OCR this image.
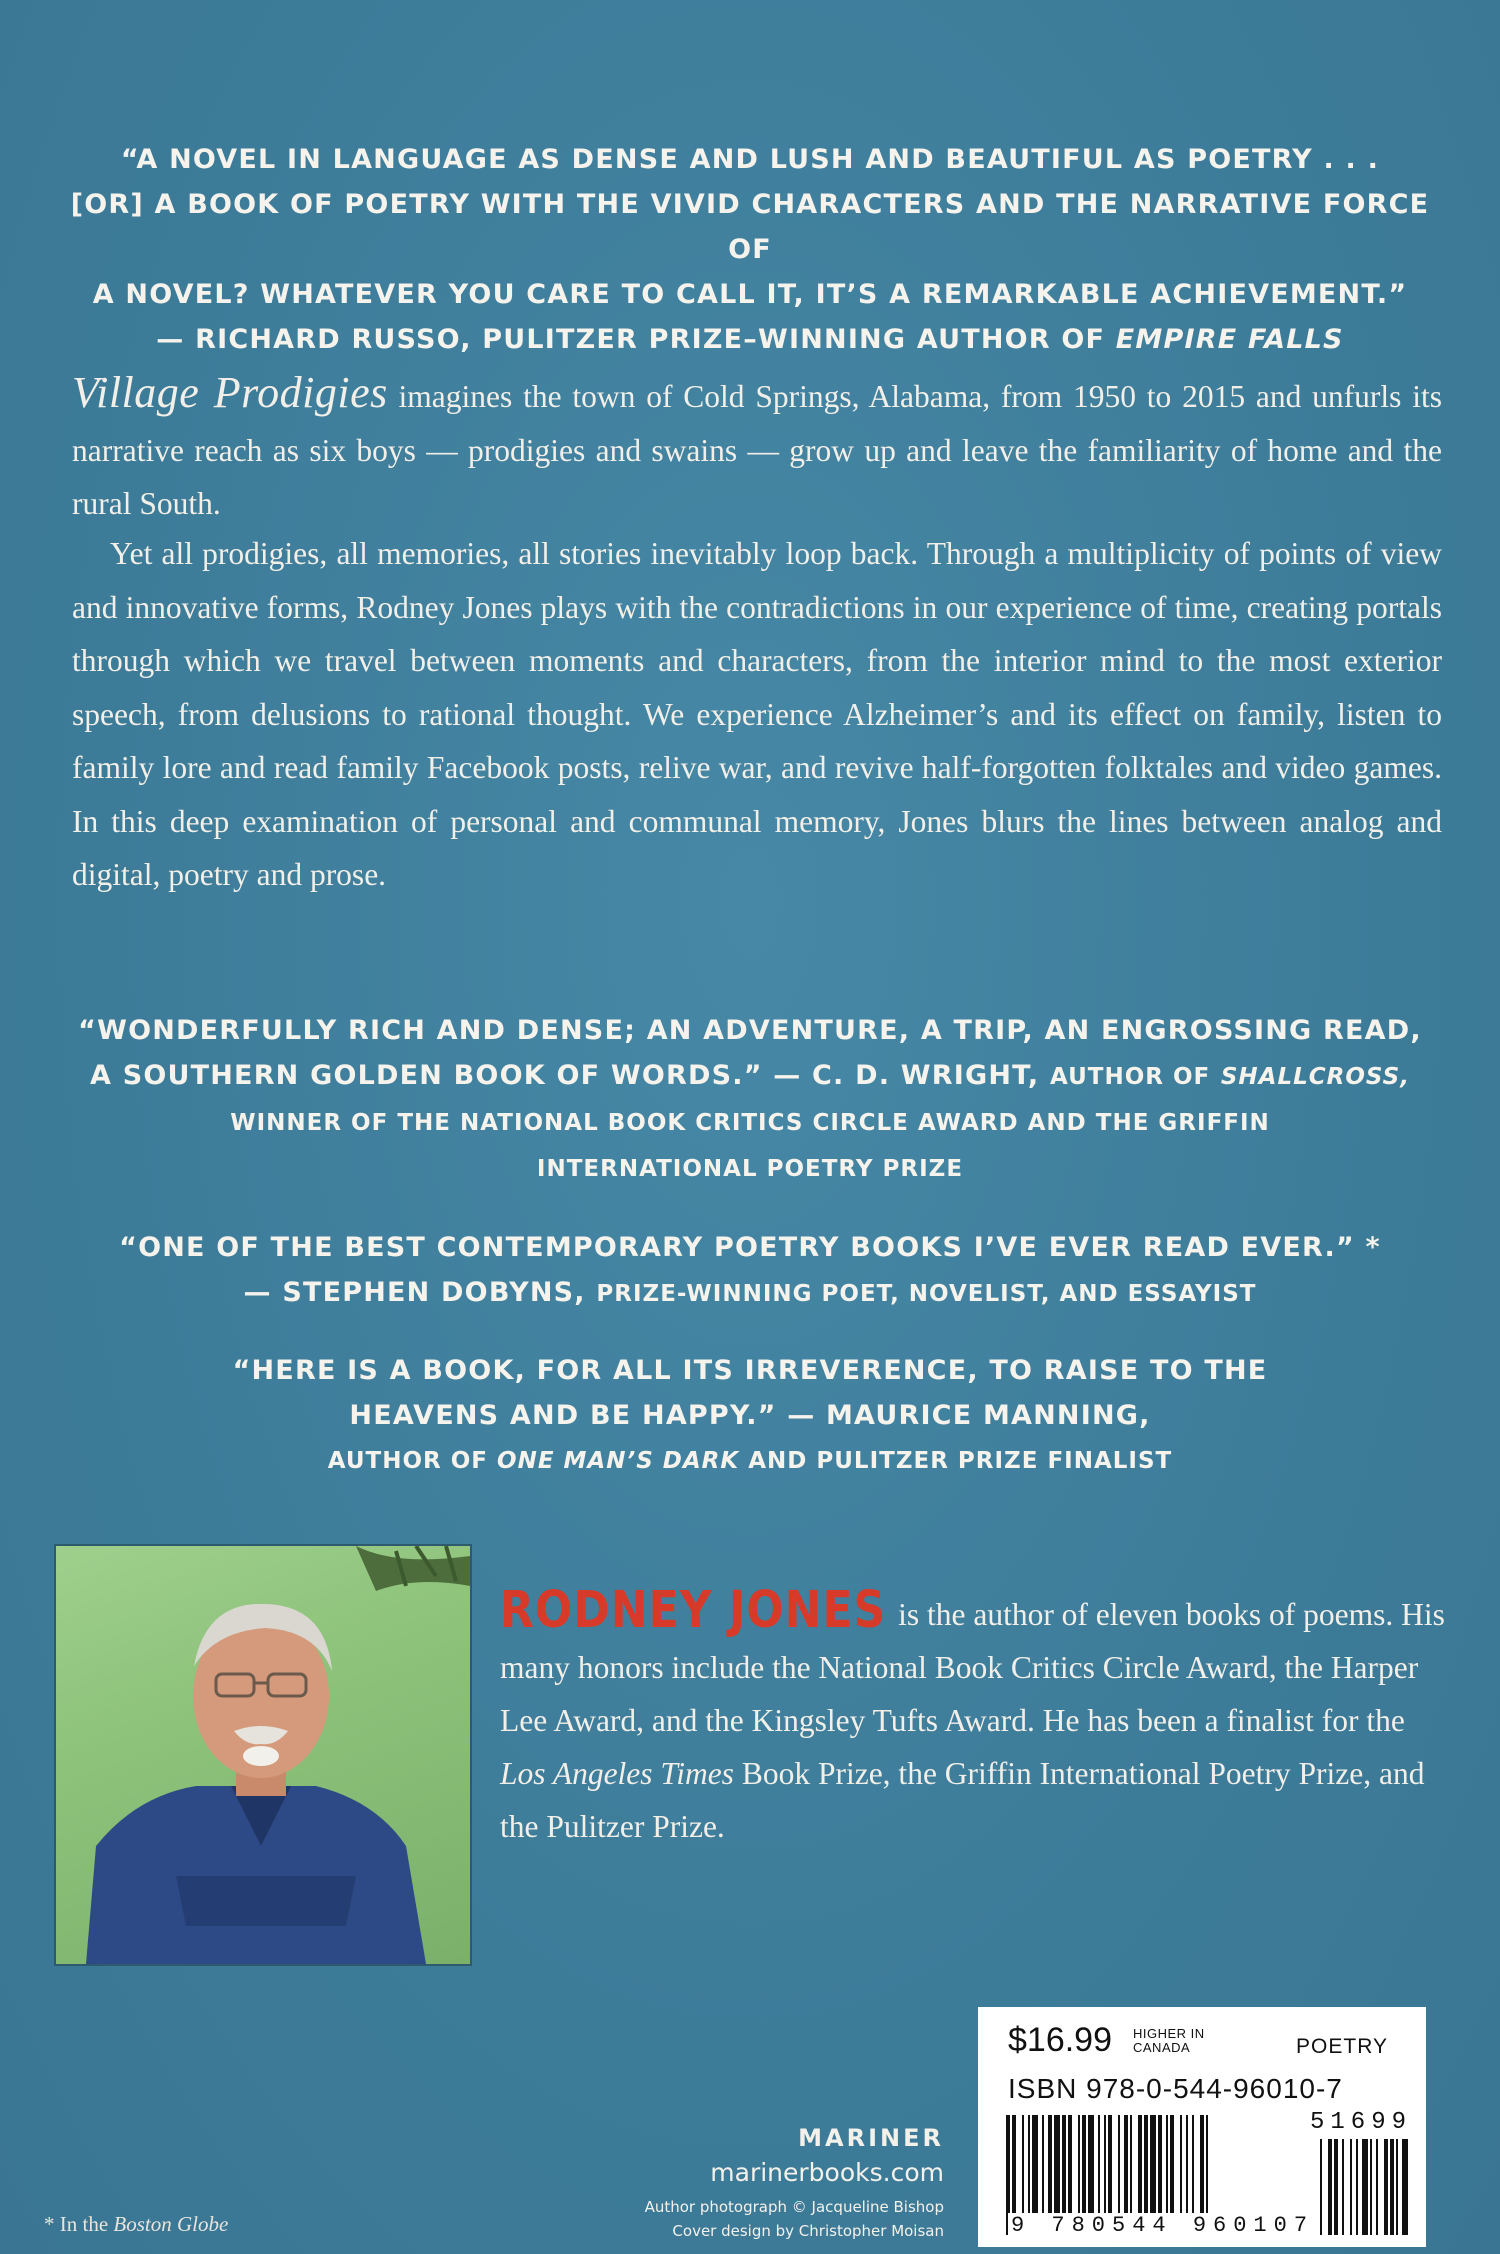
“A NOVEL IN LANGUAGE AS DENSE AND LUSH AND BEAUTIFUL AS POETRY . . .
[OR] A BOOK OF POETRY WITH THE VIVID CHARACTERS AND THE NARRATIVE FORCE OF
A NOVEL? WHATEVER YOU CARE TO CALL IT, IT’S A REMARKABLE ACHIEVEMENT.”
— RICHARD RUSSO, PULITZER PRIZE–WINNING AUTHOR OF EMPIRE FALLS
Village Prodigies imagines the town of Cold Springs, Alabama, from 1950 to 2015 and unfurls its narrative reach as six boys — prodigies and swains — grow up and leave the familiarity of home and the rural South.
Yet all prodigies, all memories, all stories inevitably loop back. Through a multiplicity of points of view and innovative forms, Rodney Jones plays with the contradictions in our experience of time, creating portals through which we travel between moments and characters, from the interior mind to the most exterior speech, from delusions to rational thought. We experience Alzheimer’s and its effect on family, listen to family lore and read family Facebook posts, relive war, and revive half-forgotten folktales and video games. In this deep examination of personal and communal memory, Jones blurs the lines between analog and digital, poetry and prose.
“WONDERFULLY RICH AND DENSE; AN ADVENTURE, A TRIP, AN ENGROSSING READ,
A SOUTHERN GOLDEN BOOK OF WORDS.” — C. D. WRIGHT, AUTHOR OF SHALLCROSS,
WINNER OF THE NATIONAL BOOK CRITICS CIRCLE AWARD AND THE GRIFFIN
INTERNATIONAL POETRY PRIZE
“ONE OF THE BEST CONTEMPORARY POETRY BOOKS I’VE EVER READ EVER.” *
— STEPHEN DOBYNS, PRIZE-WINNING POET, NOVELIST, AND ESSAYIST
“HERE IS A BOOK, FOR ALL ITS IRREVERENCE, TO RAISE TO THE
HEAVENS AND BE HAPPY.” — MAURICE MANNING,
AUTHOR OF ONE MAN’S DARK AND PULITZER PRIZE FINALIST
RODNEY JONES is the author of eleven books of poems. His many honors include the National Book Critics Circle Award, the Harper Lee Award, and the Kingsley Tufts Award. He has been a finalist for the Los Angeles Times Book Prize, the Griffin International Poetry Prize, and the Pulitzer Prize.
MARINER
marinerbooks.com
Author photograph © Jacqueline Bishop
Cover design by Christopher Moisan
* In the Boston Globe
$16.99 HIGHER IN
CANADA	POETRY
ISBN 978-0-544-96010-7
51699
9 780544 960107
